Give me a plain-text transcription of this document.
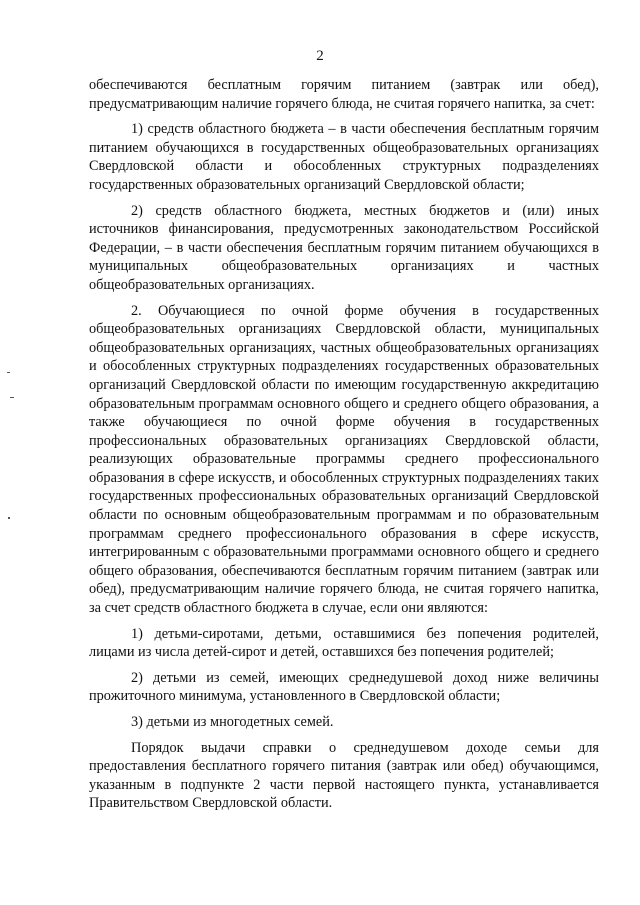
2

обеспечиваются бесплатным горячим питанием (завтрак или обед), предусматривающим наличие горячего блюда, не считая горячего напитка, за счет:

1) средств областного бюджета – в части обеспечения бесплатным горячим питанием обучающихся в государственных общеобразовательных организациях Свердловской области и обособленных структурных подразделениях государственных образовательных организаций Свердловской области;

2) средств областного бюджета, местных бюджетов и (или) иных источников финансирования, предусмотренных законодательством Российской Федерации, – в части обеспечения бесплатным горячим питанием обучающихся в муниципальных общеобразовательных организациях и частных общеобразовательных организациях.

2. Обучающиеся по очной форме обучения в государственных общеобразовательных организациях Свердловской области, муниципальных общеобразовательных организациях, частных общеобразовательных организациях и обособленных структурных подразделениях государственных образовательных организаций Свердловской области по имеющим государственную аккредитацию образовательным программам основного общего и среднего общего образования, а также обучающиеся по очной форме обучения в государственных профессиональных образовательных организациях Свердловской области, реализующих образовательные программы среднего профессионального образования в сфере искусств, и обособленных структурных подразделениях таких государственных профессиональных образовательных организаций Свердловской области по основным общеобразовательным программам и по образовательным программам среднего профессионального образования в сфере искусств, интегрированным с образовательными программами основного общего и среднего общего образования, обеспечиваются бесплатным горячим питанием (завтрак или обед), предусматривающим наличие горячего блюда, не считая горячего напитка, за счет средств областного бюджета в случае, если они являются:

1) детьми-сиротами, детьми, оставшимися без попечения родителей, лицами из числа детей-сирот и детей, оставшихся без попечения родителей;

2) детьми из семей, имеющих среднедушевой доход ниже величины прожиточного минимума, установленного в Свердловской области;

3) детьми из многодетных семей.

Порядок выдачи справки о среднедушевом доходе семьи для предоставления бесплатного горячего питания (завтрак или обед) обучающимся, указанным в подпункте 2 части первой настоящего пункта, устанавливается Правительством Свердловской области.
